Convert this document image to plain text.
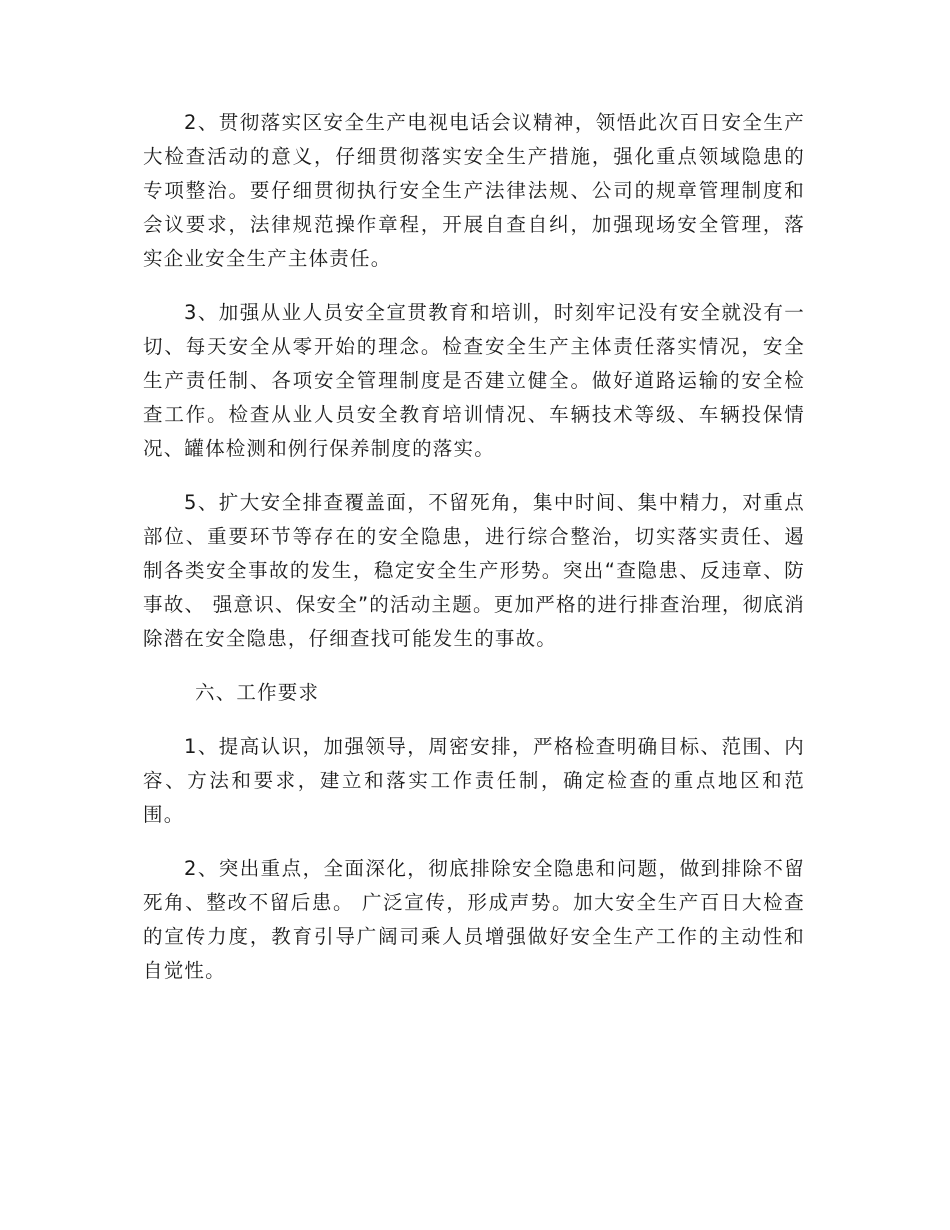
2、贯彻落实区安全生产电视电话会议精神，领悟此次百日安全生产大检查活动的意义，仔细贯彻落实安全生产措施，强化重点领域隐患的专项整治。要仔细贯彻执行安全生产法律法规、公司的规章管理制度和会议要求，法律规范操作章程，开展自查自纠，加强现场安全管理，落实企业安全生产主体责任。

3、加强从业人员安全宣贯教育和培训，时刻牢记没有安全就没有一切、每天安全从零开始的理念。检查安全生产主体责任落实情况，安全生产责任制、各项安全管理制度是否建立健全。做好道路运输的安全检查工作。检查从业人员安全教育培训情况、车辆技术等级、车辆投保情况、罐体检测和例行保养制度的落实。

5、扩大安全排查覆盖面，不留死角，集中时间、集中精力，对重点部位、重要环节等存在的安全隐患，进行综合整治，切实落实责任、遏制各类安全事故的发生，稳定安全生产形势。突出“查隐患、反违章、防事故、 强意识、保安全”的活动主题。更加严格的进行排查治理，彻底消除潜在安全隐患，仔细查找可能发生的事故。

六、工作要求

1、提高认识，加强领导，周密安排，严格检查明确目标、范围、内容、方法和要求，建立和落实工作责任制，确定检查的重点地区和范围。

2、突出重点，全面深化，彻底排除安全隐患和问题，做到排除不留死角、整改不留后患。 广泛宣传，形成声势。加大安全生产百日大检查的宣传力度，教育引导广阔司乘人员增强做好安全生产工作的主动性和自觉性。
